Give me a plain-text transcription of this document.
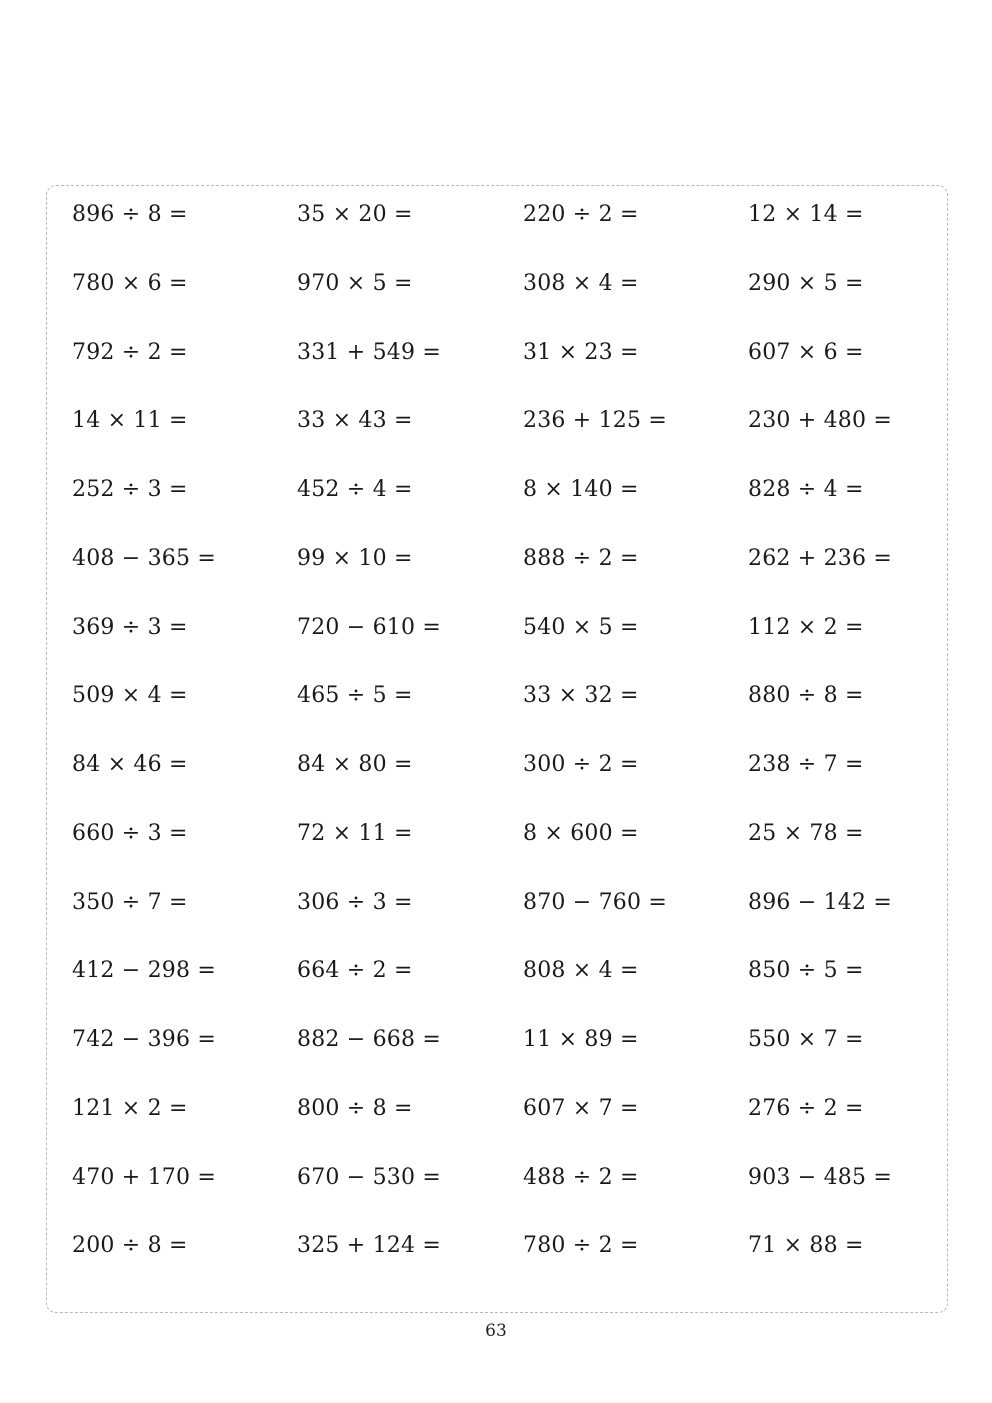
63
896 ÷ 8 =	35 × 20 =	220 ÷ 2 =	12 × 14 =
780 × 6 =	970 × 5 =	308 × 4 =	290 × 5 =
792 ÷ 2 =	331 + 549 =	31 × 23 =	607 × 6 =
14 × 11 =	33 × 43 =	236 + 125 =	230 + 480 =
252 ÷ 3 =	452 ÷ 4 =	8 × 140 =	828 ÷ 4 =
408 − 365 =	99 × 10 =	888 ÷ 2 =	262 + 236 =
369 ÷ 3 =	720 − 610 =	540 × 5 =	112 × 2 =
509 × 4 =	465 ÷ 5 =	33 × 32 =	880 ÷ 8 =
84 × 46 =	84 × 80 =	300 ÷ 2 =	238 ÷ 7 =
660 ÷ 3 =	72 × 11 =	8 × 600 =	25 × 78 =
350 ÷ 7 =	306 ÷ 3 =	870 − 760 =	896 − 142 =
412 − 298 =	664 ÷ 2 =	808 × 4 =	850 ÷ 5 =
742 − 396 =	882 − 668 =	11 × 89 =	550 × 7 =
121 × 2 =	800 ÷ 8 =	607 × 7 =	276 ÷ 2 =
470 + 170 =	670 − 530 =	488 ÷ 2 =	903 − 485 =
200 ÷ 8 =	325 + 124 =	780 ÷ 2 =	71 × 88 =
